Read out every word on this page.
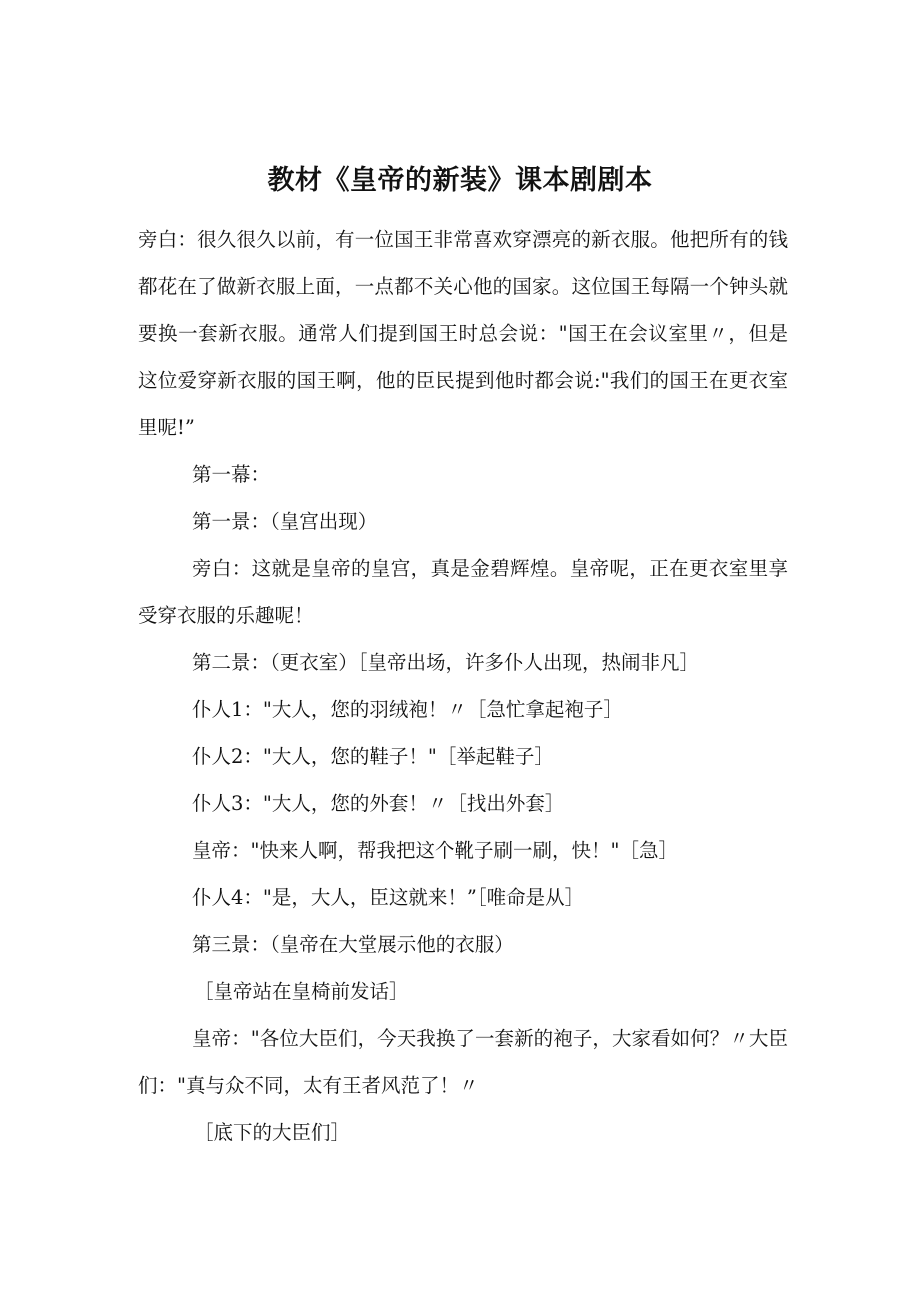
教材《皇帝的新装》课本剧剧本

旁白：很久很久以前，有一位国王非常喜欢穿漂亮的新衣服。他把所有的钱都花在了做新衣服上面，一点都不关心他的国家。这位国王每隔一个钟头就要换一套新衣服。通常人们提到国王时总会说："国王在会议室里〃，但是这位爱穿新衣服的国王啊，他的臣民提到他时都会说:"我们的国王在更衣室里呢!”

第一幕：

第一景：（皇宫出现）

旁白：这就是皇帝的皇宫，真是金碧辉煌。皇帝呢，正在更衣室里享受穿衣服的乐趣呢！

第二景：（更衣室）［皇帝出场，许多仆人出现，热闹非凡］

仆人1："大人，您的羽绒袍！〃［急忙拿起袍子］

仆人2："大人，您的鞋子！"［举起鞋子］

仆人3："大人，您的外套！〃［找出外套］

皇帝："快来人啊，帮我把这个靴子刷一刷，快！"［急］

仆人4："是，大人，臣这就来！”［唯命是从］

第三景：（皇帝在大堂展示他的衣服）

［皇帝站在皇椅前发话］

皇帝："各位大臣们，今天我换了一套新的袍子，大家看如何？〃大臣们："真与众不同，太有王者风范了！〃

［底下的大臣们］
